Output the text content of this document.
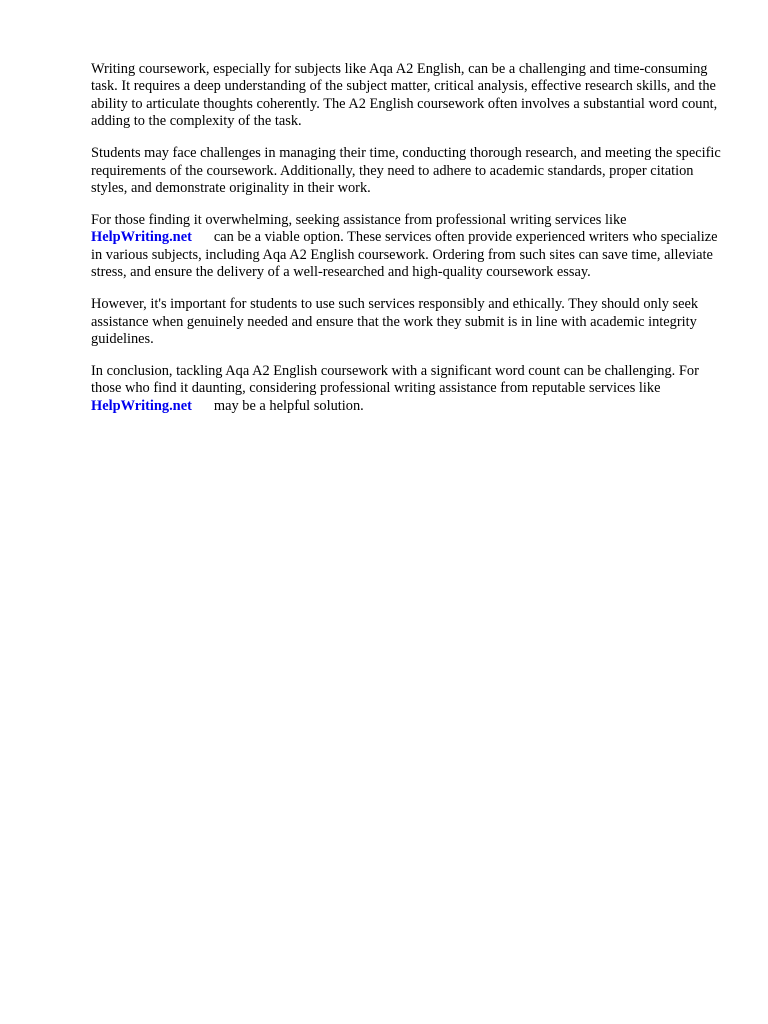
Writing coursework, especially for subjects like Aqa A2 English, can be a challenging and time-consuming task. It requires a deep understanding of the subject matter, critical analysis, effective research skills, and the ability to articulate thoughts coherently. The A2 English coursework often involves a substantial word count, adding to the complexity of the task.

Students may face challenges in managing their time, conducting thorough research, and meeting the specific requirements of the coursework. Additionally, they need to adhere to academic standards, proper citation styles, and demonstrate originality in their work.

For those finding it overwhelming, seeking assistance from professional writing services like
HelpWriting.net can be a viable option. These services often provide experienced writers who specialize in various subjects, including Aqa A2 English coursework. Ordering from such sites can save time, alleviate stress, and ensure the delivery of a well-researched and high-quality coursework essay.

However, it's important for students to use such services responsibly and ethically. They should only seek assistance when genuinely needed and ensure that the work they submit is in line with academic integrity guidelines.

In conclusion, tackling Aqa A2 English coursework with a significant word count can be challenging. For those who find it daunting, considering professional writing assistance from reputable services likeHelpWriting.net may be a helpful solution.
